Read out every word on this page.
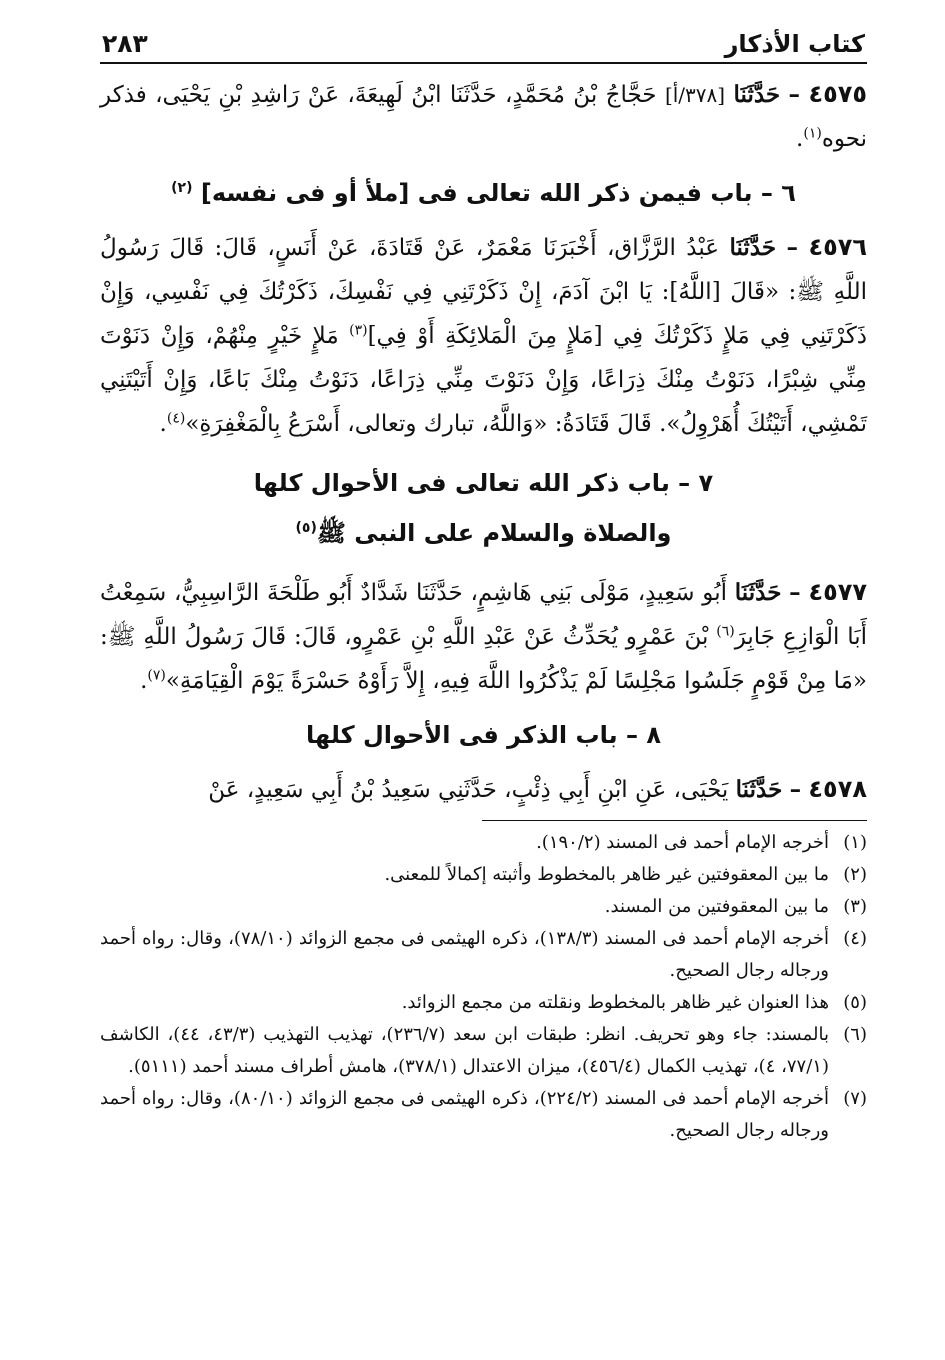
كتاب الأذكار
٢٨٣

٤٥٧٥ – حَدَّثَنَا [٣٧٨/أ] حَجَّاجُ بْنُ مُحَمَّدٍ، حَدَّثَنَا ابْنُ لَهِيعَةَ، عَنْ رَاشِدِ بْنِ يَحْيَى، فذكر نحوه$^{(١)}$.

٦ – باب فيمن ذكر الله تعالى فى [ملأ أو فى نفسه] $^{(٢)}$

٤٥٧٦ – حَدَّثَنَا عَبْدُ الرَّزَّاق، أَخْبَرَنَا مَعْمَرٌ، عَنْ قَتَادَةَ، عَنْ أَنَسٍ، قَالَ: قَالَ رَسُولُ اللَّهِ ﷺ: «قَالَ [اللَّهُ]: يَا ابْنَ آدَمَ، إِنْ ذَكَرْتَنِي فِي نَفْسِكَ، ذَكَرْتُكَ فِي نَفْسِي، وَإِنْ ذَكَرْتَنِي فِي مَلإٍ ذَكَرْتُكَ فِي [مَلإٍ مِنَ الْمَلائِكَةِ أَوْ فِي]$^{(٣)}$ مَلإٍ خَيْرٍ مِنْهُمْ، وَإِنْ دَنَوْتَ مِنِّي شِبْرًا، دَنَوْتُ مِنْكَ ذِرَاعًا، وَإِنْ دَنَوْتَ مِنِّي ذِرَاعًا، دَنَوْتُ مِنْكَ بَاعًا، وَإِنْ أَتَيْتَنِي تَمْشِي، أَتَيْتُكَ أُهَرْوِلُ». قَالَ قَتَادَةُ: «وَاللَّهُ، تبارك وتعالى، أَسْرَعُ بِالْمَغْفِرَةِ»$^{(٤)}$.

٧ – باب ذكر الله تعالى فى الأحوال كلها
والصلاة والسلام على النبى ﷺ$^{(٥)}$

٤٥٧٧ – حَدَّثَنَا أَبُو سَعِيدٍ، مَوْلَى بَنِي هَاشِمٍ، حَدَّثَنَا شَدَّادٌ أَبُو طَلْحَةَ الرَّاسِبِيُّ، سَمِعْتُ أَبَا الْوَازِعِ جَابِرَ$^{(٦)}$ بْنَ عَمْرٍو يُحَدِّثُ عَنْ عَبْدِ اللَّهِ بْنِ عَمْرٍو، قَالَ: قَالَ رَسُولُ اللَّهِ ﷺ: «مَا مِنْ قَوْمٍ جَلَسُوا مَجْلِسًا لَمْ يَذْكُرُوا اللَّهَ فِيهِ، إِلاَّ رَأَوْهُ حَسْرَةً يَوْمَ الْقِيَامَةِ»$^{(٧)}$.

٨ – باب الذكر فى الأحوال كلها

٤٥٧٨ – حَدَّثَنَا يَحْيَى، عَنِ ابْنِ أَبِي ذِئْبٍ، حَدَّثَنِي سَعِيدُ بْنُ أَبِي سَعِيدٍ، عَنْ

(١)أخرجه الإمام أحمد فى المسند (١٩٠/٢).

(٢)ما بين المعقوفتين غير ظاهر بالمخطوط وأثبته إكمالاً للمعنى.

(٣)ما بين المعقوفتين من المسند.

(٤)أخرجه الإمام أحمد فى المسند (١٣٨/٣)، ذكره الهيثمى فى مجمع الزوائد (٧٨/١٠)، وقال: رواه أحمد ورجاله رجال الصحيح.

(٥)هذا العنوان غير ظاهر بالمخطوط ونقلته من مجمع الزوائد.

(٦)بالمسند: جاء وهو تحريف. انظر: طبقات ابن سعد (٢٣٦/٧)، تهذيب التهذيب (٤٣/٣، ٤٤)، الكاشف (٧٧/١، ٤)، تهذيب الكمال (٤٥٦/٤)، ميزان الاعتدال (٣٧٨/١)، هامش أطراف مسند أحمد (٥١١١).

(٧)أخرجه الإمام أحمد فى المسند (٢٢٤/٢)، ذكره الهيثمى فى مجمع الزوائد (٨٠/١٠)، وقال: رواه أحمد ورجاله رجال الصحيح.
